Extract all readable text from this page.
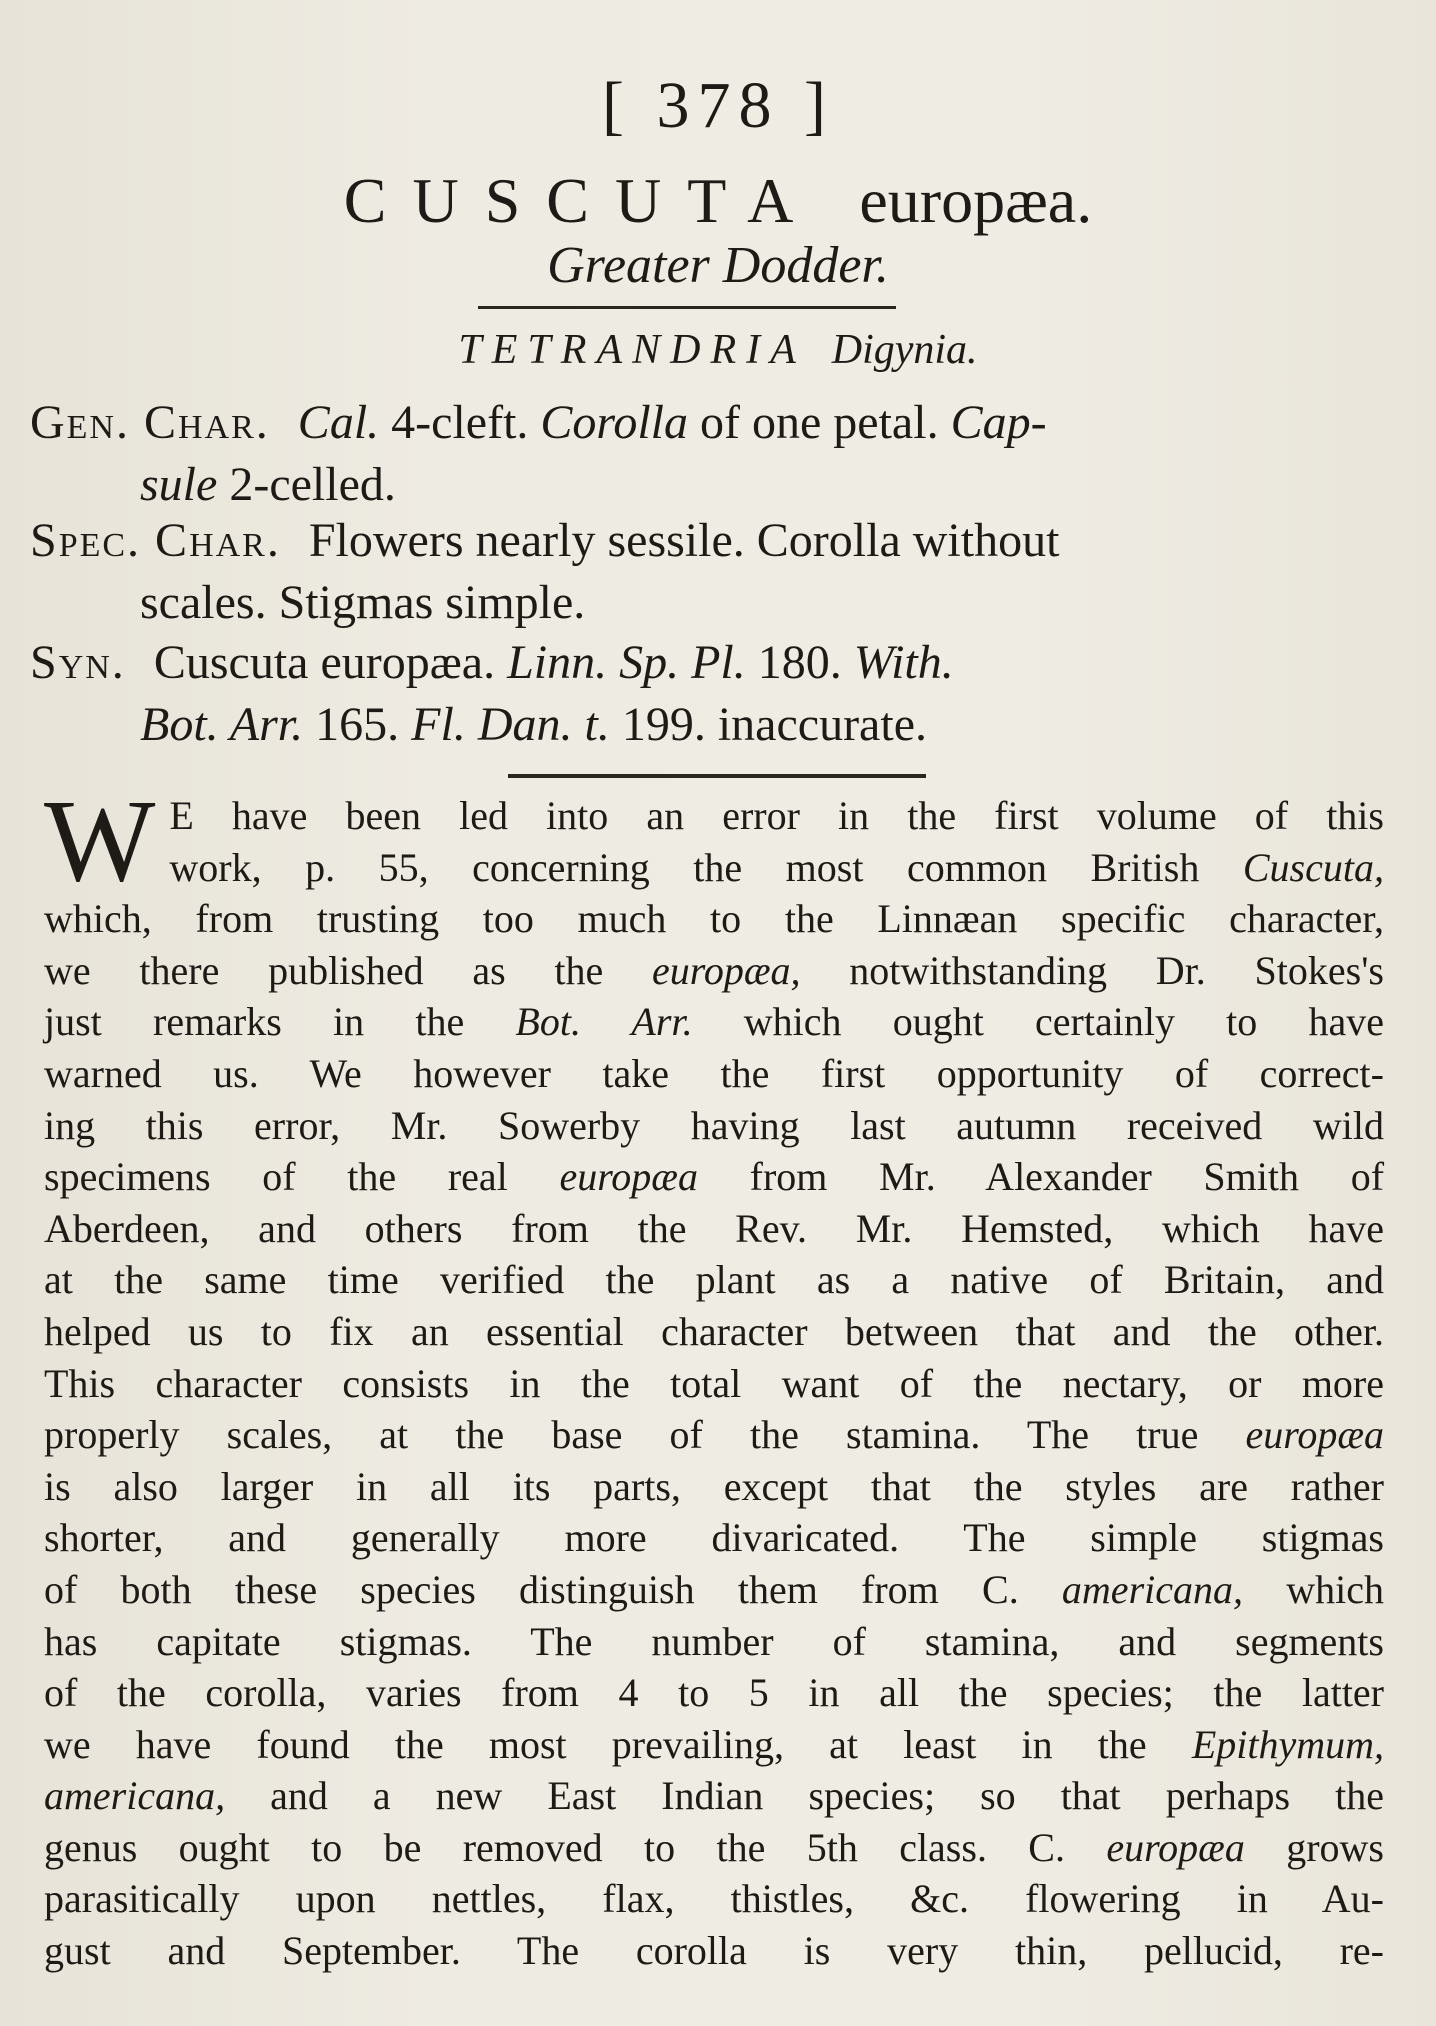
[ 378 ]
CUSCUTA europæa.
Greater Dodder.
TETRANDRIA Digynia.
Gen. Char. Cal. 4-cleft. Corolla of one petal. Cap-
sule 2-celled.
Spec. Char. Flowers nearly sessile. Corolla without
scales. Stigmas simple.
Syn. Cuscuta europæa. Linn. Sp. Pl. 180. With.
Bot. Arr. 165. Fl. Dan. t. 199. inaccurate.
W E have been led into an error in the first volume of this
work, p. 55, concerning the most common British Cuscuta,
which, from trusting too much to the Linnæan specific character,
we there published as the europæa, notwithstanding Dr. Stokes's
just remarks in the Bot. Arr. which ought certainly to have
warned us. We however take the first opportunity of correct-
ing this error, Mr. Sowerby having last autumn received wild
specimens of the real europæa from Mr. Alexander Smith of
Aberdeen, and others from the Rev. Mr. Hemsted, which have
at the same time verified the plant as a native of Britain, and
helped us to fix an essential character between that and the other.
This character consists in the total want of the nectary, or more
properly scales, at the base of the stamina. The true europæa
is also larger in all its parts, except that the styles are rather
shorter, and generally more divaricated. The simple stigmas
of both these species distinguish them from C. americana, which
has capitate stigmas. The number of stamina, and segments
of the corolla, varies from 4 to 5 in all the species; the latter
we have found the most prevailing, at least in the Epithymum,
americana, and a new East Indian species; so that perhaps the
genus ought to be removed to the 5th class. C. europæa grows
parasitically upon nettles, flax, thistles, &c. flowering in Au-
gust and September. The corolla is very thin, pellucid, re-
